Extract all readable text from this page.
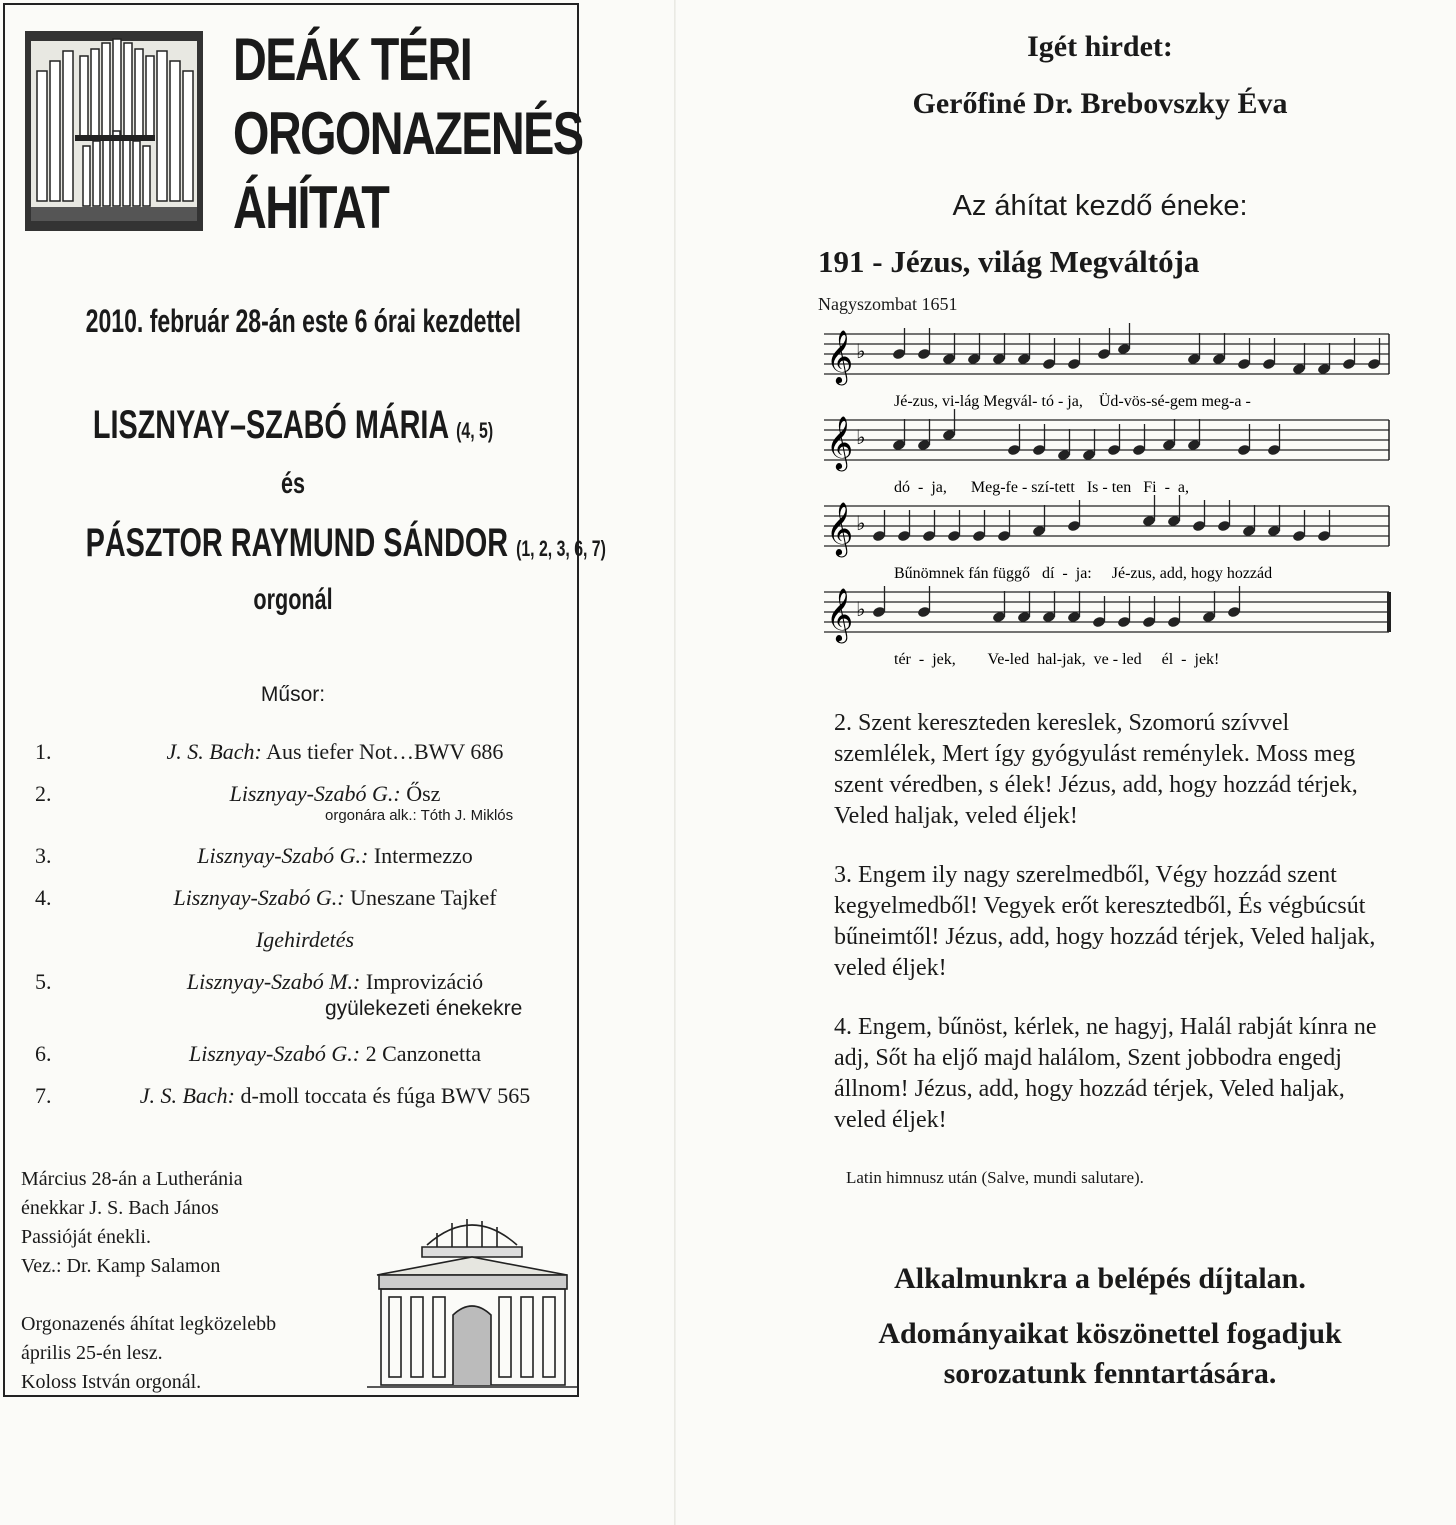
DEÁK TÉRI
ORGONAZENÉS
ÁHÍTAT
2010. február 28-án este 6 órai kezdettel
LISZNYAY–SZABÓ MÁRIA (4, 5)
és
PÁSZTOR RAYMUND SÁNDOR (1, 2, 3, 6, 7)
orgonál
Műsor:
1.	J. S. Bach: Aus tiefer Not…BWV 686
2.	Lisznyay-Szabó G.: Ősz
orgonára alk.: Tóth J. Miklós
3.	Lisznyay-Szabó G.: Intermezzo
4.	Lisznyay-Szabó G.: Uneszane Tajkef
Igehirdetés
5.	Lisznyay-Szabó M.: Improvizáció
gyülekezeti énekekre
6.	Lisznyay-Szabó G.: 2 Canzonetta
7.	J. S. Bach: d-moll toccata és fúga BWV 565
Március 28-án a Lutheránia
énekkar J. S. Bach János
Passióját énekli.
Vez.: Dr. Kamp Salamon
Orgonazenés áhítat legközelebb
április 25-én lesz.
Koloss István orgonál.
Igét hirdet:
Gerőfiné Dr. Brebovszky Éva
Az áhítat kezdő éneke:
191 - Jézus, világ Megváltója
Nagyszombat 1651
𝄞 ♭
Jé-zus, vi-lág Megvál- tó - ja,    Üd-vös-sé-gem meg-a -
𝄞 ♭
dó  -  ja,      Meg-fe - szí-tett   Is - ten   Fi  -  a,
𝄞 ♭
Bűnömnek fán függő   dí  -  ja:     Jé-zus, add, hogy hozzád
𝄞 ♭
tér  -  jek,        Ve-led  hal-jak,  ve - led     él  -  jek!
2. Szent kereszteden kereslek, Szomorú szívvel szemlélek, Mert így gyógyulást reménylek. Moss meg szent véredben, s élek! Jézus, add, hogy hozzád térjek, Veled haljak, veled éljek!
3. Engem ily nagy szerelmedből, Végy hozzád szent kegyelmedből! Vegyek erőt keresztedből, És végbúcsút bűneimtől! Jézus, add, hogy hozzád térjek, Veled haljak, veled éljek!
4. Engem, bűnöst, kérlek, ne hagyj, Halál rabját kínra ne adj, Sőt ha eljő majd halálom, Szent jobbodra engedj állnom! Jézus, add, hogy hozzád térjek, Veled haljak, veled éljek!
Latin himnusz után (Salve, mundi salutare).
Alkalmunkra a belépés díjtalan.
Adományaikat köszönettel fogadjuk
sorozatunk fenntartására.
